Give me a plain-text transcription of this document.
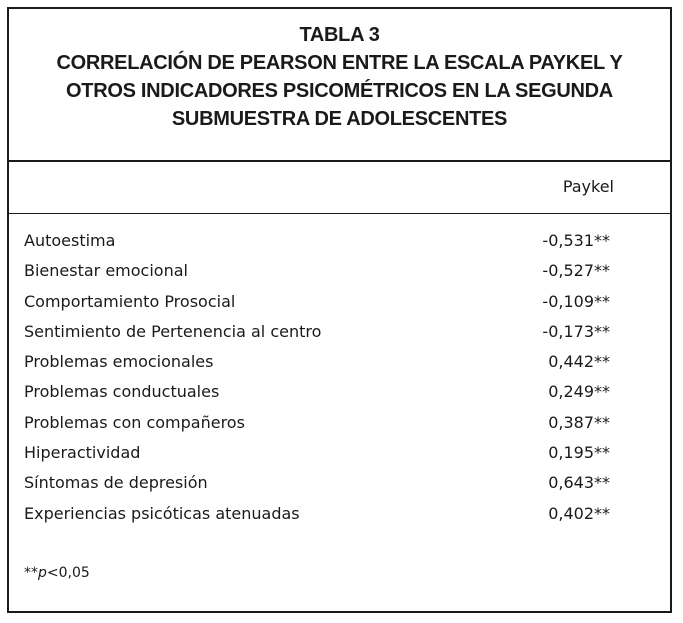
TABLA 3
CORRELACIÓN DE PEARSON ENTRE LA ESCALA PAYKEL Y
OTROS INDICADORES PSICOMÉTRICOS EN LA SEGUNDA
SUBMUESTRA DE ADOLESCENTES
Paykel
Autoestima	-0,531**
Bienestar emocional	-0,527**
Comportamiento Prosocial	-0,109**
Sentimiento de Pertenencia al centro	-0,173**
Problemas emocionales	0,442**
Problemas conductuales	0,249**
Problemas con compañeros	0,387**
Hiperactividad	0,195**
Síntomas de depresión	0,643**
Experiencias psicóticas atenuadas	0,402**
**p<0,05
